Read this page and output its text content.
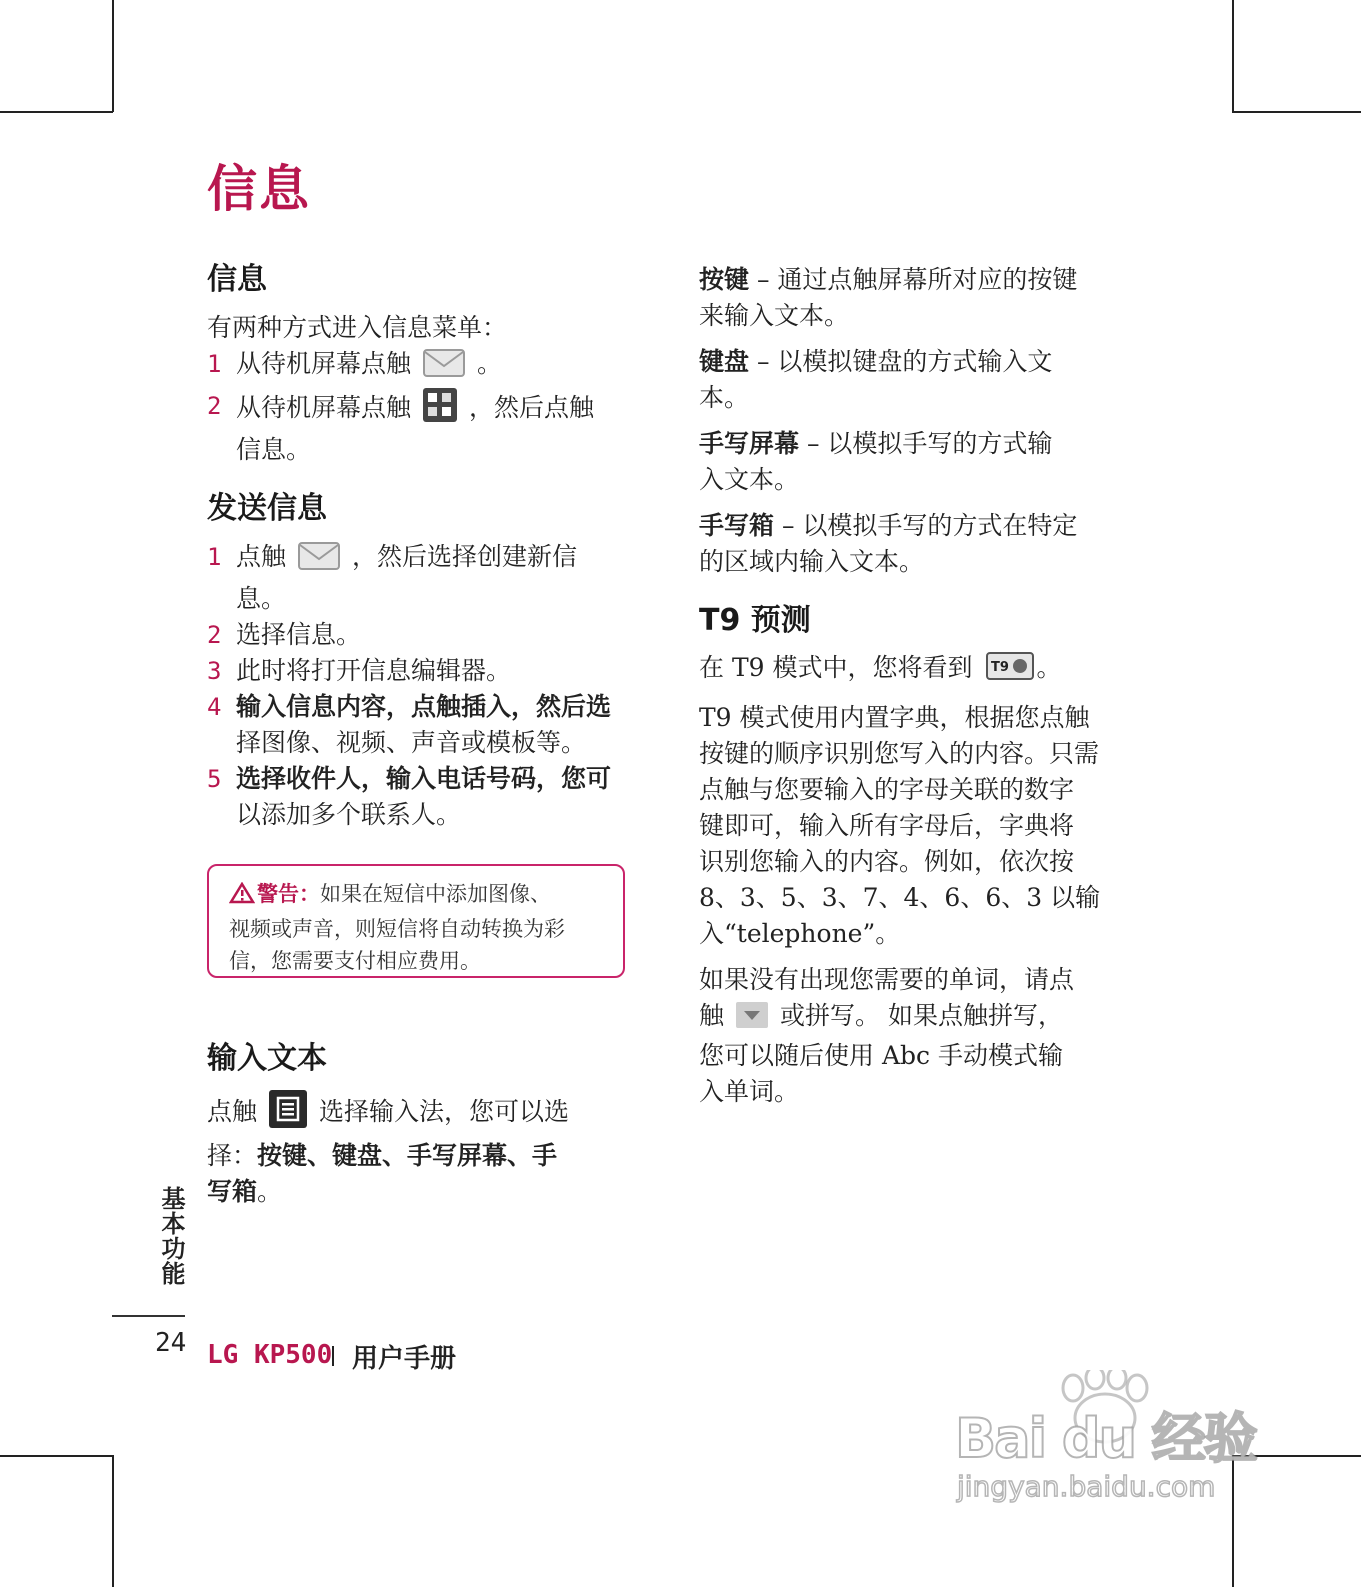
信息
信息
有两种方式进入信息菜单：
1 从待机屏幕点触	。
2 从待机屏幕点触 ，然后点触
信息。
发送信息
1 点触	，然后选择创建新信
息。
2 选择信息。
3 此时将打开信息编辑器。
4 输入信息内容，点触插入，然后选
择图像、视频、声音或模板等。
5 选择收件人，输入电话号码，您可
以添加多个联系人。
警告：如果在短信中添加图像、
视频或声音，则短信将自动转换为彩
信，您需要支付相应费用。
输入文本
点触 选择输入法，您可以选
择：按键、键盘、手写屏幕、手
写箱。
按键 – 通过点触屏幕所对应的按键
来输入文本。
键盘 – 以模拟键盘的方式输入文
本。
手写屏幕 – 以模拟手写的方式输
入文本。
手写箱 – 以模拟手写的方式在特定
的区域内输入文本。
T9 预测
在 T9 模式中，您将看到 T9 。
T9 模式使用内置字典，根据您点触
按键的顺序识别您写入的内容。只需
点触与您要输入的字母关联的数字
键即可，输入所有字母后，字典将
识别您输入的内容。例如，依次按
8、3、5、3、7、4、6、6、3 以输
入“telephone”。
如果没有出现您需要的单词，请点
触 或拼写。 如果点触拼写，
您可以随后使用 Abc 手动模式输
入单词。
基本功能
24 LG KP500 用户手册
Bai du 经验
jingyan.baidu.com
